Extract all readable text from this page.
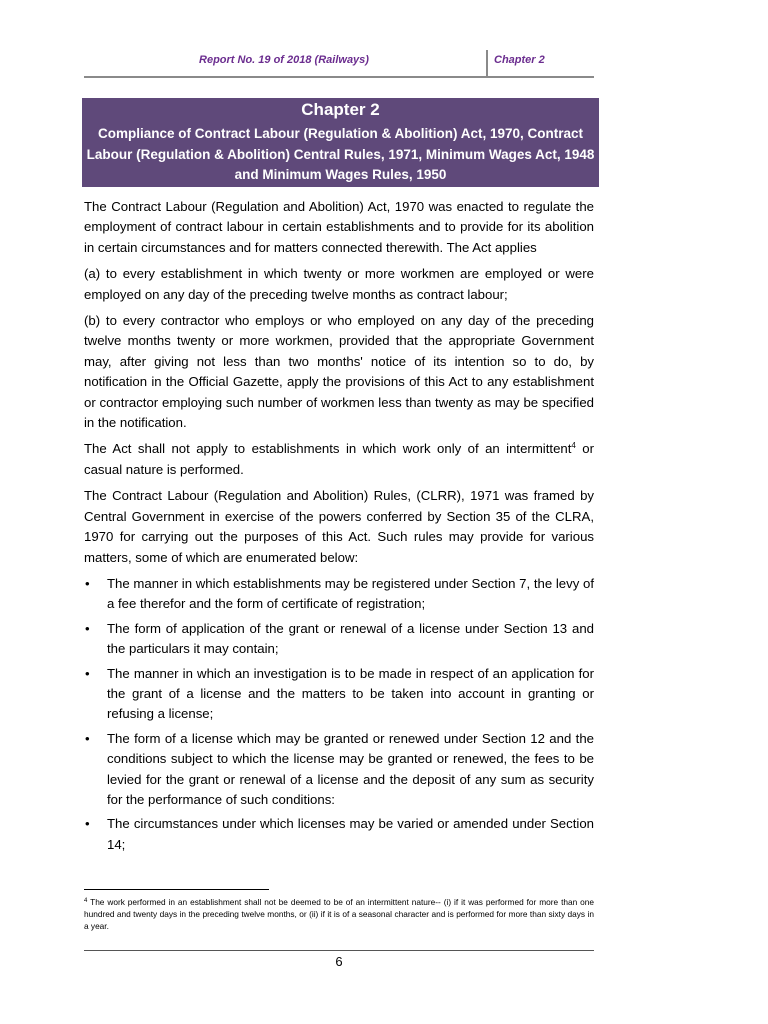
Report No. 19 of 2018 (Railways)	Chapter 2
Chapter 2
Compliance of Contract Labour (Regulation & Abolition) Act, 1970, Contract Labour (Regulation & Abolition) Central Rules, 1971, Minimum Wages Act, 1948 and Minimum Wages Rules, 1950

The Contract Labour (Regulation and Abolition) Act, 1970 was enacted to regulate the employment of contract labour in certain establishments and to provide for its abolition in certain circumstances and for matters connected therewith. The Act applies

(a) to every establishment in which twenty or more workmen are employed or were employed on any day of the preceding twelve months as contract labour;

(b) to every contractor who employs or who employed on any day of the preceding twelve months twenty or more workmen, provided that the appropriate Government may, after giving not less than two months' notice of its intention so to do, by notification in the Official Gazette, apply the provisions of this Act to any establishment or contractor employing such number of workmen less than twenty as may be specified in the notification.

The Act shall not apply to establishments in which work only of an intermittent$^4$ or casual nature is performed.

The Contract Labour (Regulation and Abolition) Rules, (CLRR), 1971 was framed by Central Government in exercise of the powers conferred by Section 35 of the CLRA, 1970 for carrying out the purposes of this Act. Such rules may provide for various matters, some of which are enumerated below:

• The manner in which establishments may be registered under Section 7, the levy of a fee therefor and the form of certificate of registration;
• The form of application of the grant or renewal of a license under Section 13 and the particulars it may contain;
• The manner in which an investigation is to be made in respect of an application for the grant of a license and the matters to be taken into account in granting or refusing a license;
• The form of a license which may be granted or renewed under Section 12 and the conditions subject to which the license may be granted or renewed, the fees to be levied for the grant or renewal of a license and the deposit of any sum as security for the performance of such conditions:
• The circumstances under which licenses may be varied or amended under Section 14;
$^4$ The work performed in an establishment shall not be deemed to be of an intermittent nature-- (i) if it was performed for more than one hundred and twenty days in the preceding twelve months, or (ii) if it is of a seasonal character and is performed for more than sixty days in a year.
6
